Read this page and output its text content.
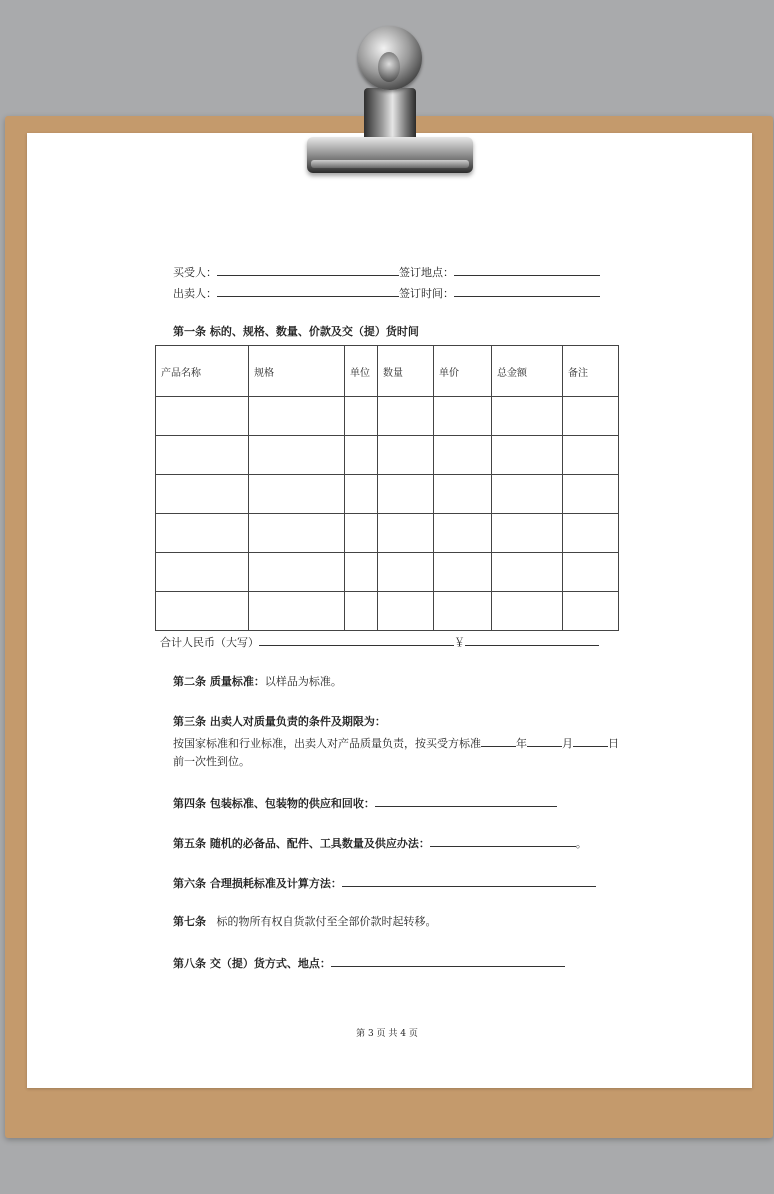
买受人：	签订地点：
出卖人：	签订时间：
第一条 标的、规格、数量、价款及交（提）货时间
产品名称	规格	单位	数量	单价	总金额	备注

合计人民币（大写）	￥
第二条 质量标准：以样品为标准。
第三条 出卖人对质量负责的条件及期限为：
按国家标准和行业标准，出卖人对产品质量负责，按买受方标准	年	月	日
前一次性到位。
第四条 包装标准、包装物的供应和回收：
第五条 随机的必备品、配件、工具数量及供应办法：	。
第六条 合理损耗标准及计算方法：
第七条 标的物所有权自货款付至全部价款时起转移。
第八条 交（提）货方式、地点：
第 3 页 共 4 页
